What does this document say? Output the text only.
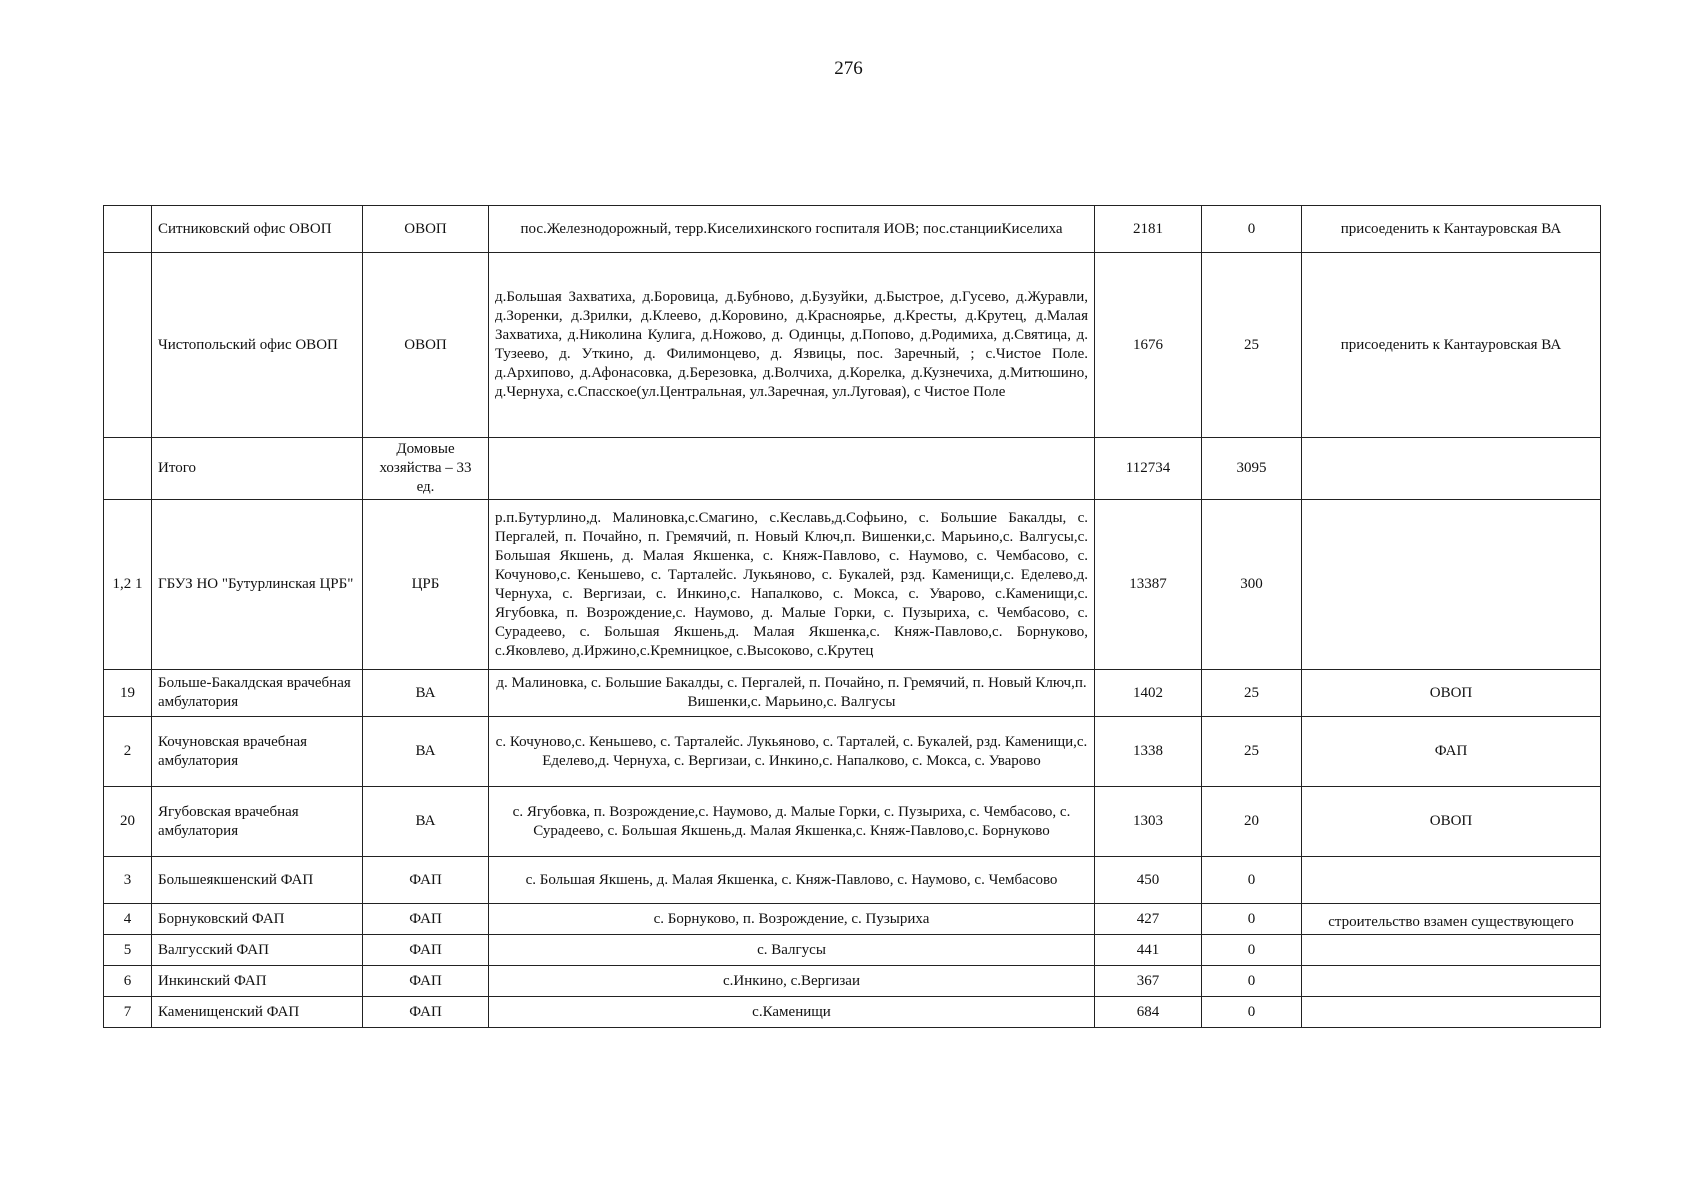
276
	Ситниковский офис ОВОП	ОВОП	пос.Железнодорожный, терр.Киселихинского госпиталя ИОВ; пос.станцииКиселиха	2181	0	присоеденить к Кантауровская ВА
	Чистопольский офис ОВОП	ОВОП	д.Большая Захватиха, д.Боровица, д.Бубново, д.Бузуйки, д.Быстрое, д.Гусево, д.Журавли, д.Зоренки, д.Зрилки, д.Клеево, д.Коровино, д.Красноярье, д.Кресты, д.Крутец, д.Малая Захватиха, д.Николина Кулига, д.Ножово, д. Одинцы, д.Попово, д.Родимиха, д.Святица, д. Тузеево, д. Уткино, д. Филимонцево, д. Язвицы, пос. Заречный, ; с.Чистое Поле. д.Архипово, д.Афонасовка, д.Березовка, д.Волчиха, д.Корелка, д.Кузнечиха, д.Митюшино, д.Чернуха, с.Спасское(ул.Центральная, ул.Заречная, ул.Луговая), с Чистое Поле	1676	25	присоеденить к Кантауровская ВА
	Итого	Домовые хозяйства – 33 ед.		112734	3095	
1,2 1	ГБУЗ НО "Бутурлинская ЦРБ"	ЦРБ	р.п.Бутурлино,д. Малиновка,с.Смагино, с.Кеславь,д.Софьино, с. Большие Бакалды, с. Пергалей, п. Почайно, п. Гремячий, п. Новый Ключ,п. Вишенки,с. Марьино,с. Валгусы,с. Большая Якшень, д. Малая Якшенка, с. Княж-Павлово, с. Наумово, с. Чембасово, с. Кочуново,с. Кеньшево, с. Тарталейс. Лукьяново, с. Букалей, рзд. Каменищи,с. Еделево,д. Чернуха, с. Вергизаи, с. Инкино,с. Напалково, с. Мокса, с. Уварово, с.Каменищи,с. Ягубовка, п. Возрождение,с. Наумово, д. Малые Горки, с. Пузыриха, с. Чембасово, с. Сурадеево, с. Большая Якшень,д. Малая Якшенка,с. Княж-Павлово,с. Борнуково, с.Яковлево, д.Иржино,с.Кремницкое, с.Высоково, с.Крутец	13387	300	
19	Больше-Бакалдская врачебная амбулатория	ВА	д. Малиновка, с. Большие Бакалды, с. Пергалей, п. Почайно, п. Гремячий, п. Новый Ключ,п. Вишенки,с. Марьино,с. Валгусы	1402	25	ОВОП
2	Кочуновская врачебная амбулатория	ВА	с. Кочуново,с. Кеньшево, с. Тарталейс. Лукьяново, с. Тарталей, с. Букалей, рзд. Каменищи,с. Еделево,д. Чернуха, с. Вергизаи, с. Инкино,с. Напалково, с. Мокса, с. Уварово	1338	25	ФАП
20	Ягубовская врачебная амбулатория	ВА	с. Ягубовка, п. Возрождение,с. Наумово, д. Малые Горки, с. Пузыриха, с. Чембасово, с. Сурадеево, с. Большая Якшень,д. Малая Якшенка,с. Княж-Павлово,с. Борнуково	1303	20	ОВОП
3	Большеякшенский ФАП	ФАП	с. Большая Якшень, д. Малая Якшенка, с. Княж-Павлово, с. Наумово, с. Чембасово	450	0	
4	Борнуковский ФАП	ФАП	с. Борнуково, п. Возрождение, с. Пузыриха	427	0	строительство взамен существующего
5	Валгусский ФАП	ФАП	с. Валгусы	441	0	
6	Инкинский ФАП	ФАП	с.Инкино, с.Вергизаи	367	0	
7	Каменищенский ФАП	ФАП	с.Каменищи	684	0	
